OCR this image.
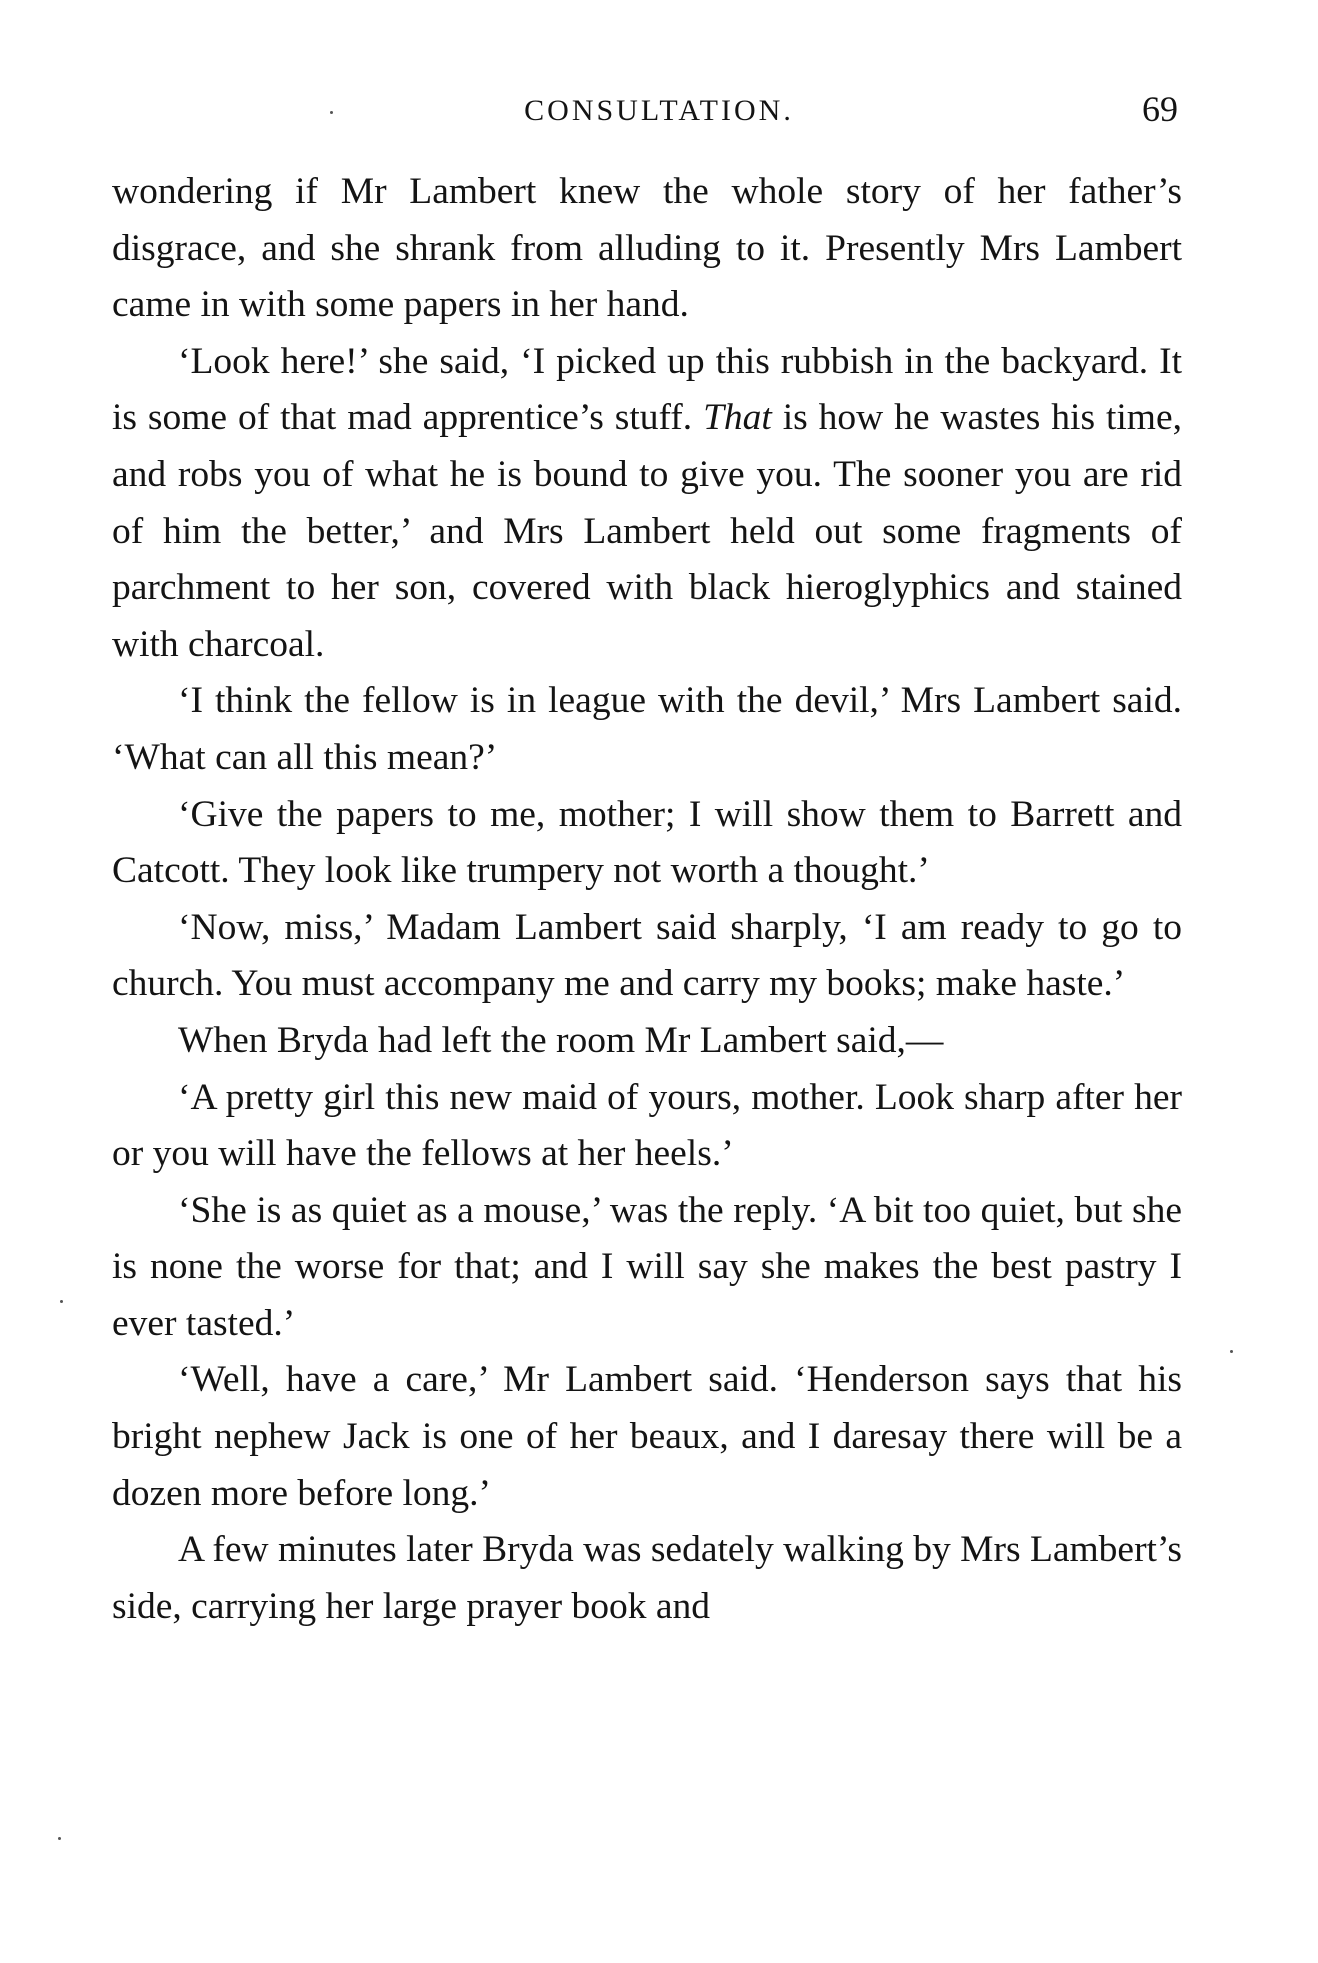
CONSULTATION.	69

wondering if Mr Lambert knew the whole story of her father’s disgrace, and she shrank from alluding to it. Presently Mrs Lambert came in with some papers in her hand.

‘Look here!’ she said, ‘I picked up this rubbish in the backyard. It is some of that mad apprentice’s stuff. That is how he wastes his time, and robs you of what he is bound to give you. The sooner you are rid of him the better,’ and Mrs Lambert held out some fragments of parchment to her son, covered with black hieroglyphics and stained with charcoal.

‘I think the fellow is in league with the devil,’ Mrs Lambert said. ‘What can all this mean?’

‘Give the papers to me, mother; I will show them to Barrett and Catcott. They look like trumpery not worth a thought.’

‘Now, miss,’ Madam Lambert said sharply, ‘I am ready to go to church. You must accompany me and carry my books; make haste.’

When Bryda had left the room Mr Lambert said,—

‘A pretty girl this new maid of yours, mother. Look sharp after her or you will have the fellows at her heels.’

‘She is as quiet as a mouse,’ was the reply. ‘A bit too quiet, but she is none the worse for that; and I will say she makes the best pastry I ever tasted.’

‘Well, have a care,’ Mr Lambert said. ‘Henderson says that his bright nephew Jack is one of her beaux, and I daresay there will be a dozen more before long.’

A few minutes later Bryda was sedately walking by Mrs Lambert’s side, carrying her large prayer book and
